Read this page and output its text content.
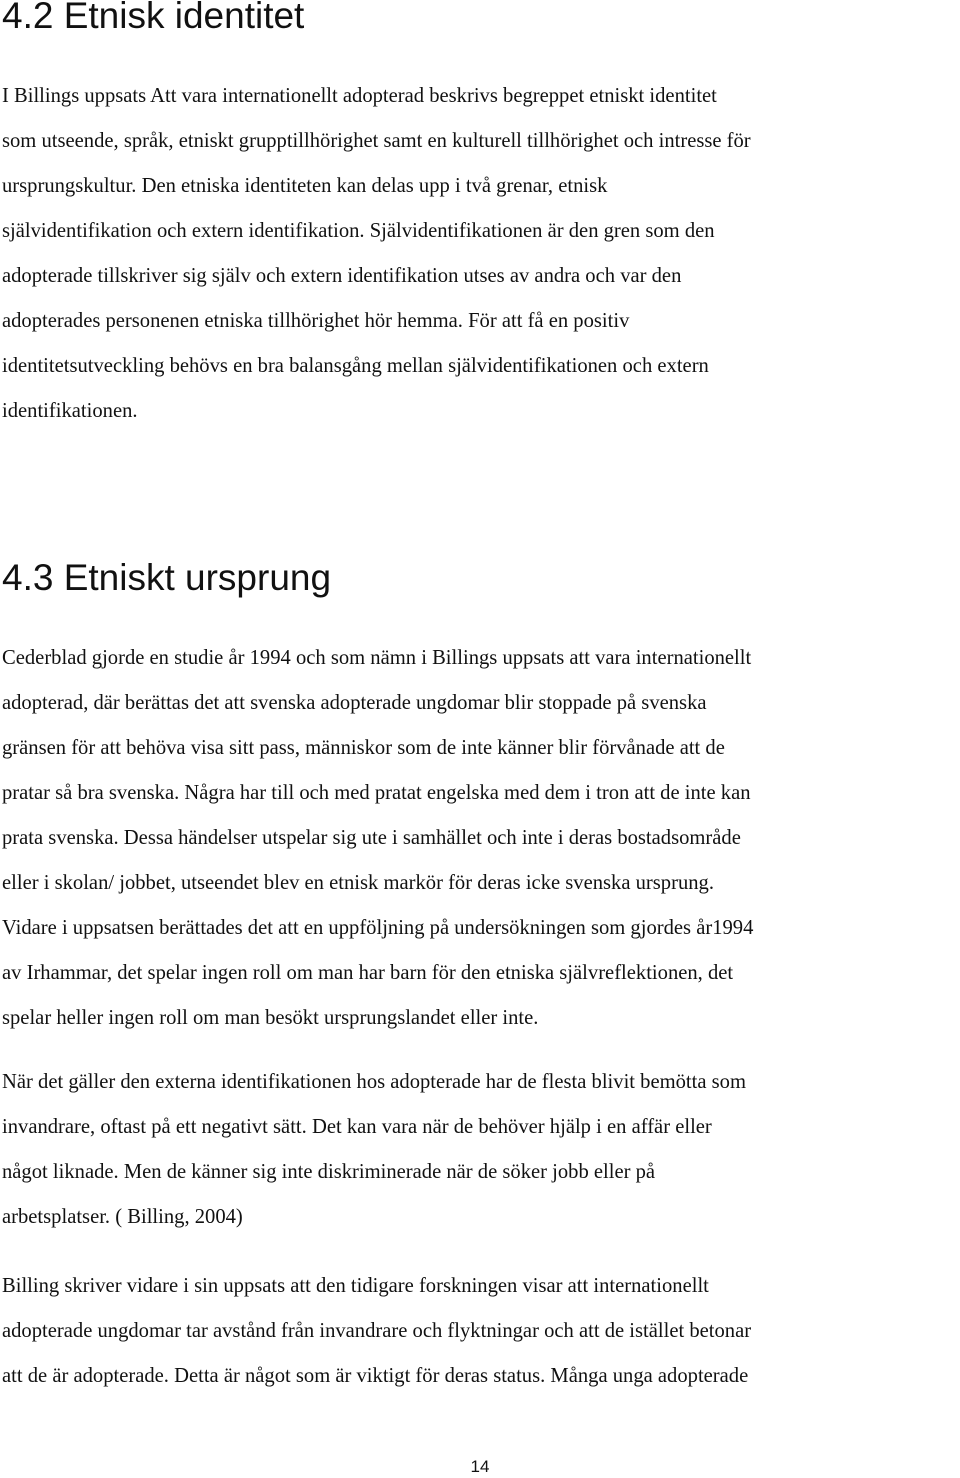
4.2 Etnisk identitet

I Billings uppsats Att vara internationellt adopterad beskrivs begreppet etniskt identitet
som utseende, språk, etniskt grupptillhörighet samt en kulturell tillhörighet och intresse för
ursprungskultur. Den etniska identiteten kan delas upp i två grenar, etnisk
självidentifikation och extern identifikation. Självidentifikationen är den gren som den
adopterade tillskriver sig själv och extern identifikation utses av andra och var den
adopterades personenen etniska tillhörighet hör hemma. För att få en positiv
identitetsutveckling behövs en bra balansgång mellan självidentifikationen och extern
identifikationen.

4.3 Etniskt ursprung

Cederblad gjorde en studie år 1994 och som nämn i Billings uppsats att vara internationellt
adopterad, där berättas det att svenska adopterade ungdomar blir stoppade på svenska
gränsen för att behöva visa sitt pass, människor som de inte känner blir förvånade att de
pratar så bra svenska. Några har till och med pratat engelska med dem i tron att de inte kan
prata svenska. Dessa händelser utspelar sig ute i samhället och inte i deras bostadsområde
eller i skolan/ jobbet, utseendet blev en etnisk markör för deras icke svenska ursprung.
Vidare i uppsatsen berättades det att en uppföljning på undersökningen som gjordes år1994
av Irhammar, det spelar ingen roll om man har barn för den etniska självreflektionen, det
spelar heller ingen roll om man besökt ursprungslandet eller inte.

När det gäller den externa identifikationen hos adopterade har de flesta blivit bemötta som
invandrare, oftast på ett negativt sätt. Det kan vara när de behöver hjälp i en affär eller
något liknade. Men de känner sig inte diskriminerade när de söker jobb eller på
arbetsplatser. ( Billing, 2004)

Billing skriver vidare i sin uppsats att den tidigare forskningen visar att internationellt
adopterade ungdomar tar avstånd från invandrare och flyktningar och att de istället betonar
att de är adopterade. Detta är något som är viktigt för deras status. Många unga adopterade

14
